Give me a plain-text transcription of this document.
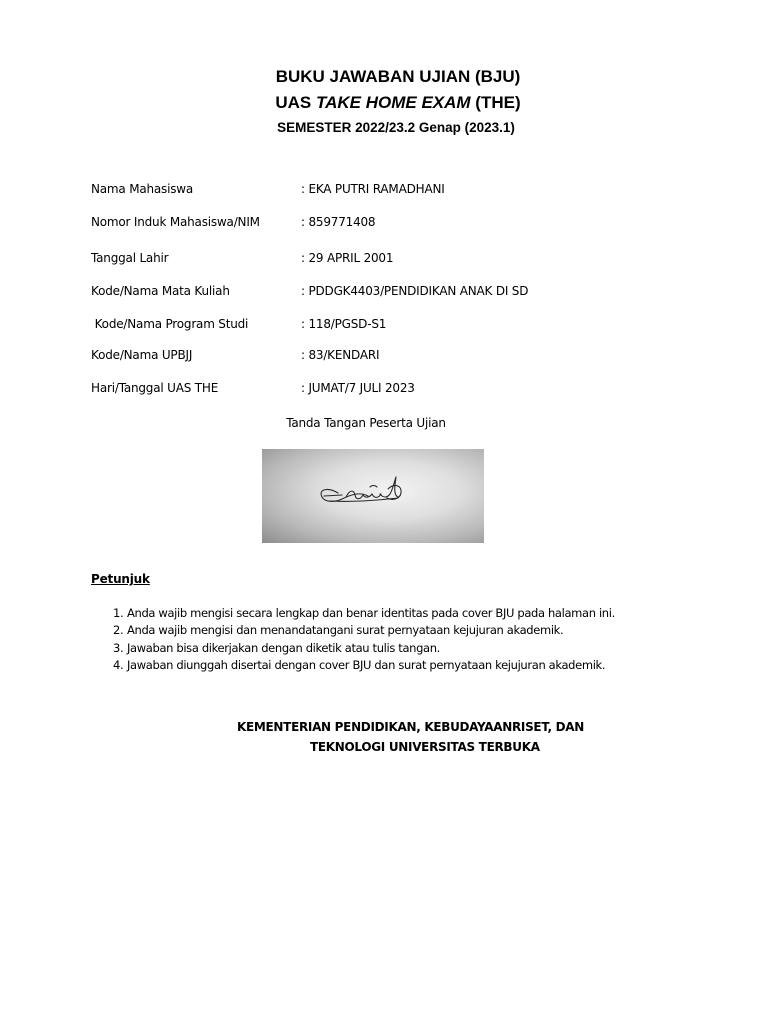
BUKU JAWABAN UJIAN (BJU)
UAS TAKE HOME EXAM (THE)
SEMESTER 2022/23.2 Genap (2023.1)
Nama Mahasiswa	: EKA PUTRI RAMADHANI
Nomor Induk Mahasiswa/NIM	: 859771408
Tanggal Lahir	: 29 APRIL 2001
Kode/Nama Mata Kuliah	: PDDGK4403/PENDIDIKAN ANAK DI SD
Kode/Nama Program Studi	: 118/PGSD-S1
Kode/Nama UPBJJ	: 83/KENDARI
Hari/Tanggal UAS THE	: JUMAT/7 JULI 2023
Tanda Tangan Peserta Ujian
Petunjuk
1. Anda wajib mengisi secara lengkap dan benar identitas pada cover BJU pada halaman ini.
2. Anda wajib mengisi dan menandatangani surat pernyataan kejujuran akademik.
3. Jawaban bisa dikerjakan dengan diketik atau tulis tangan.
4. Jawaban diunggah disertai dengan cover BJU dan surat pernyataan kejujuran akademik.
KEMENTERIAN PENDIDIKAN, KEBUDAYAANRISET, DAN
TEKNOLOGI UNIVERSITAS TERBUKA
